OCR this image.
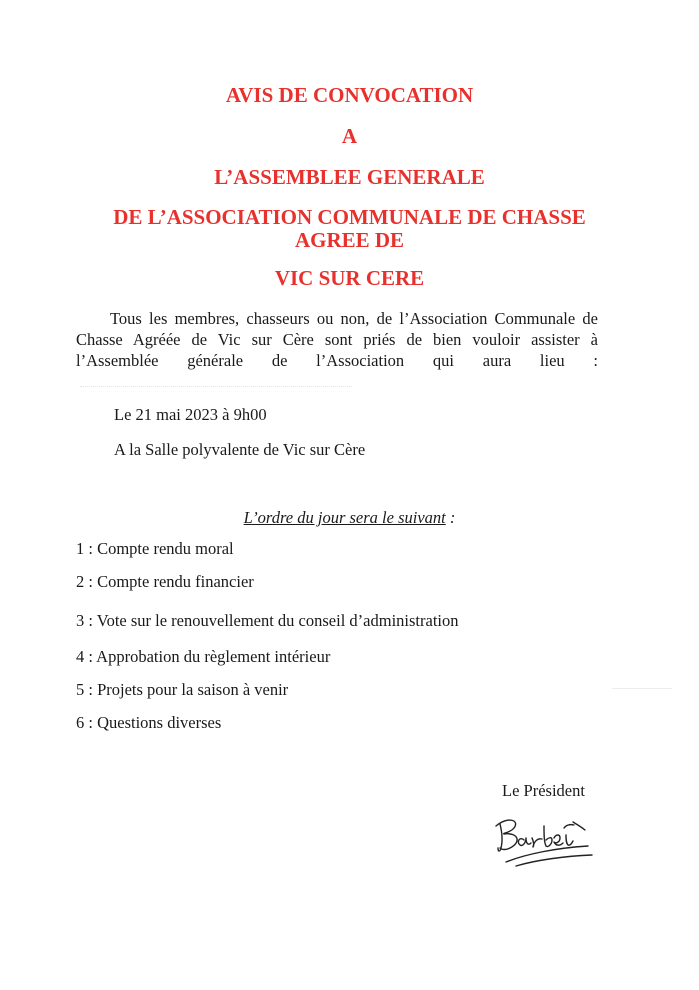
AVIS DE CONVOCATION

A

L’ASSEMBLEE GENERALE

DE L’ASSOCIATION COMMUNALE DE CHASSE

AGREE DE

VIC SUR CERE

Tous les membres, chasseurs ou non, de l’Association Communale de Chasse Agréée de Vic sur Cère sont priés de bien vouloir assister à l’Assemblée générale de l’Association qui aura lieu :

Le 21 mai 2023 à 9h00
A la Salle polyvalente de Vic sur Cère
L’ordre du jour sera le suivant :
1 : Compte rendu moral
2 : Compte rendu financier
3 : Vote sur le renouvellement du conseil d’administration
4 : Approbation du règlement intérieur
5 : Projets pour la saison à venir
6 : Questions diverses
Le Président
